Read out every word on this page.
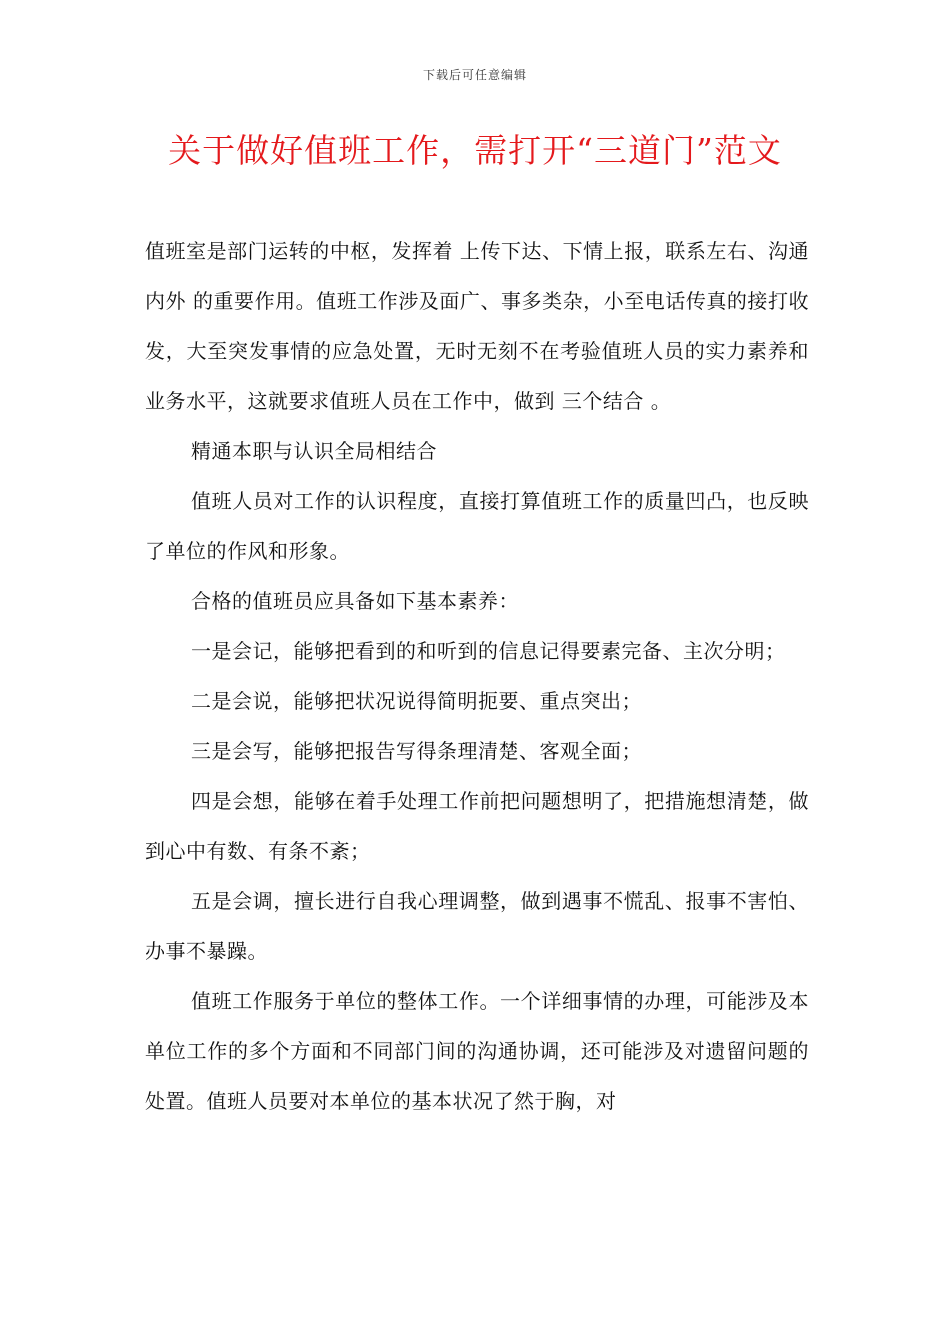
下载后可任意编辑
关于做好值班工作，需打开“三道门”范文

值班室是部门运转的中枢，发挥着 上传下达、下情上报，联系左右、沟通内外 的重要作用。值班工作涉及面广、事多类杂，小至电话传真的接打收发，大至突发事情的应急处置，无时无刻不在考验值班人员的实力素养和业务水平，这就要求值班人员在工作中，做到 三个结合 。

精通本职与认识全局相结合

值班人员对工作的认识程度，直接打算值班工作的质量凹凸，也反映了单位的作风和形象。

合格的值班员应具备如下基本素养：

一是会记，能够把看到的和听到的信息记得要素完备、主次分明；

二是会说，能够把状况说得简明扼要、重点突出；

三是会写，能够把报告写得条理清楚、客观全面；

四是会想，能够在着手处理工作前把问题想明了，把措施想清楚，做到心中有数、有条不紊；

五是会调，擅长进行自我心理调整，做到遇事不慌乱、报事不害怕、办事不暴躁。

值班工作服务于单位的整体工作。一个详细事情的办理，可能涉及本单位工作的多个方面和不同部门间的沟通协调，还可能涉及对遗留问题的处置。值班人员要对本单位的基本状况了然于胸，对
